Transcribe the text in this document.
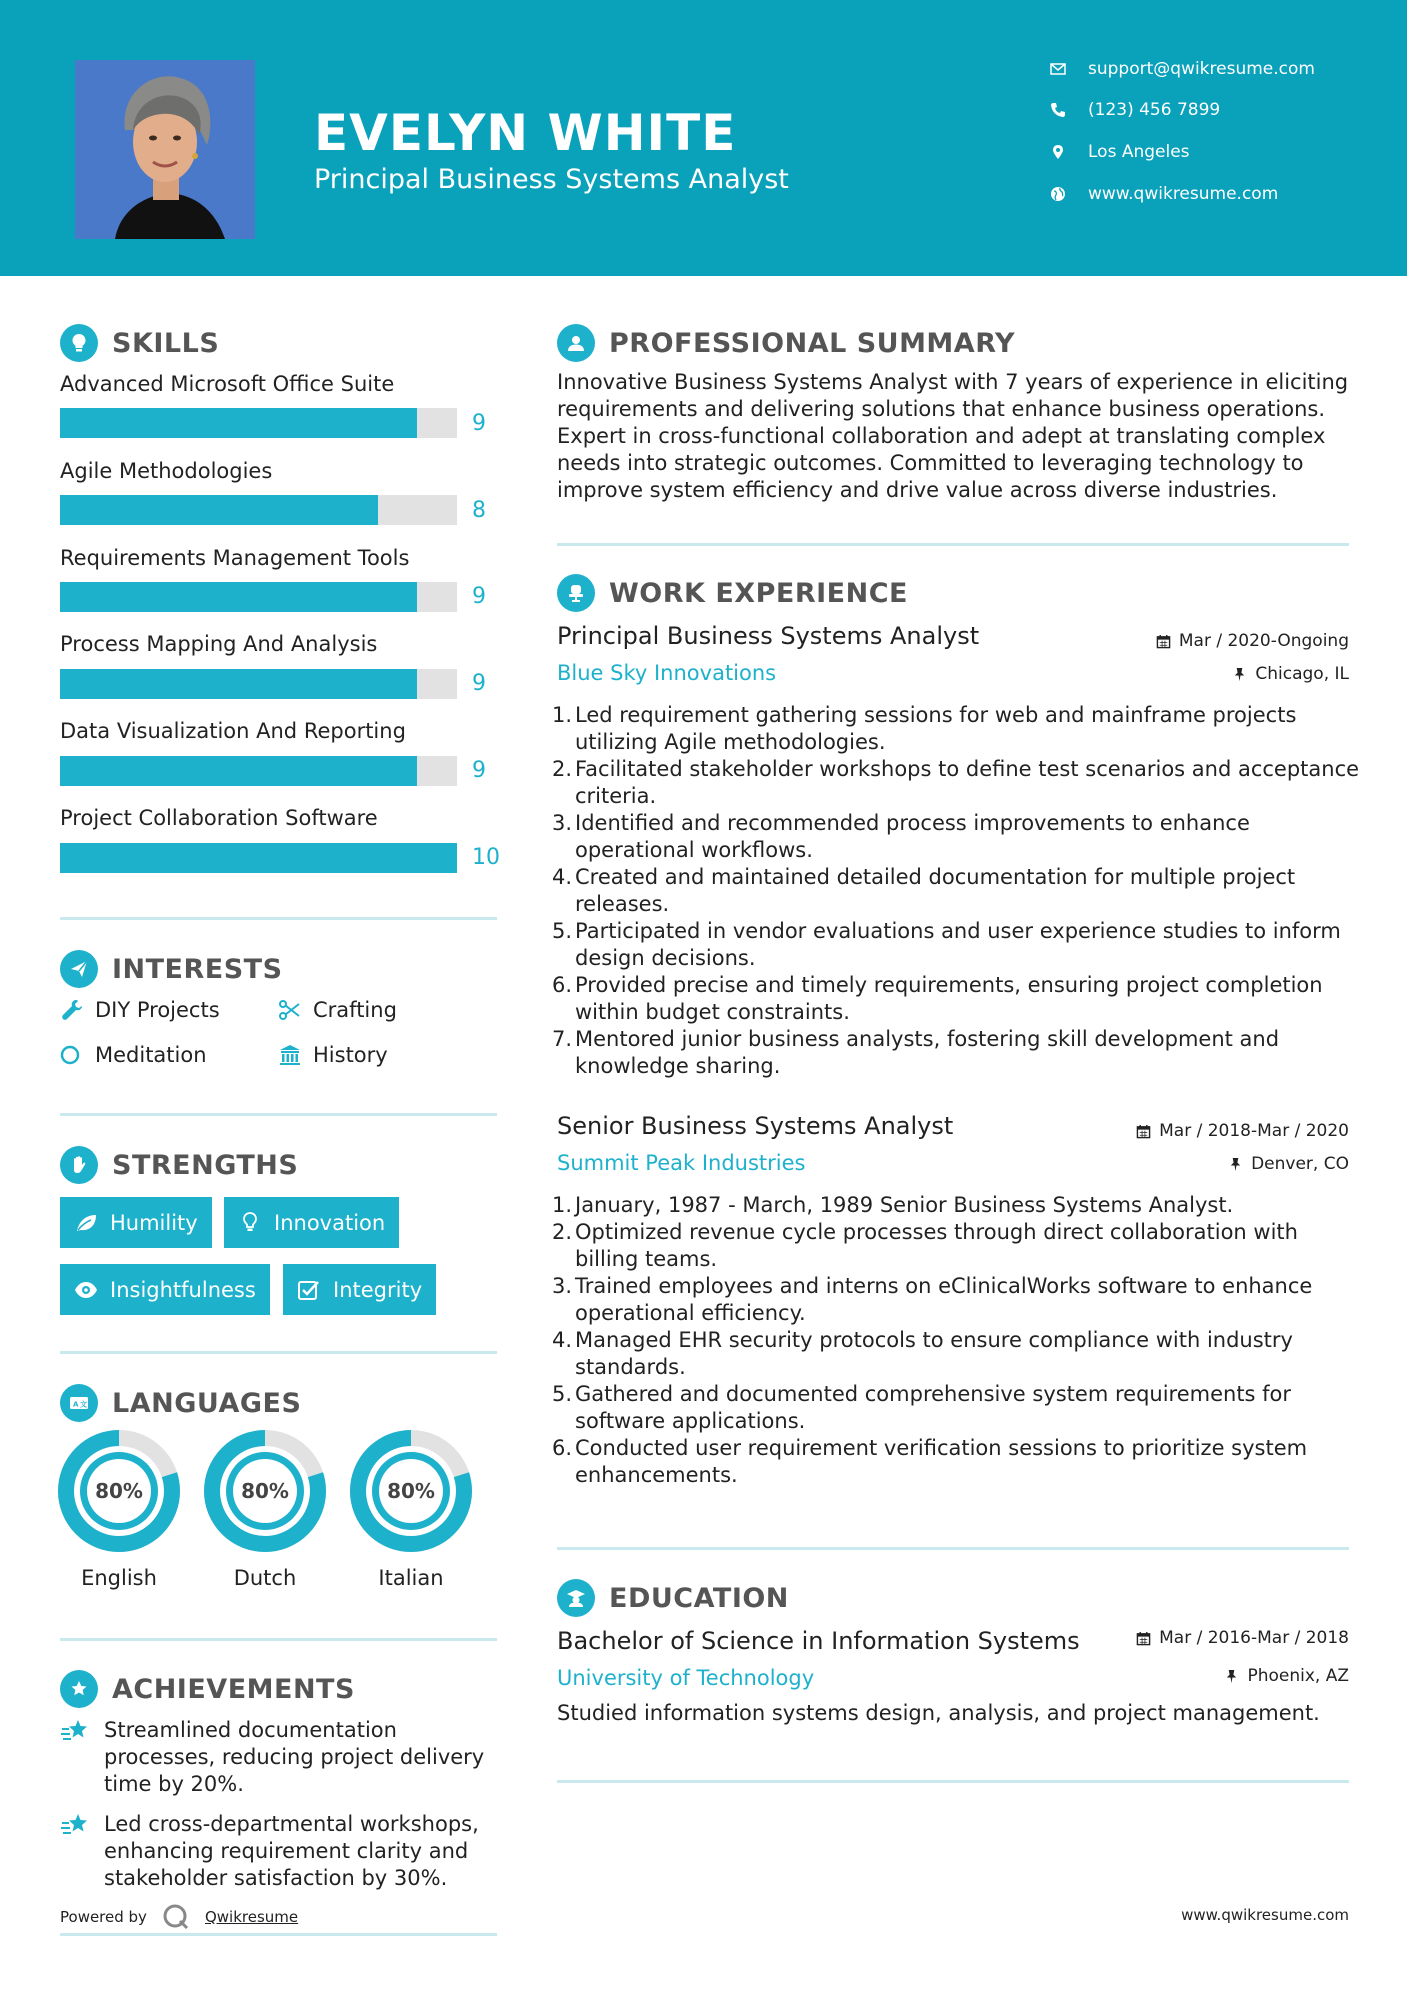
EVELYN WHITE
Principal Business Systems Analyst
support@qwikresume.com
(123) 456 7899
Los Angeles
www.qwikresume.com
SKILLS
Advanced Microsoft Office Suite
9
Agile Methodologies
8
Requirements Management Tools
9
Process Mapping And Analysis
9
Data Visualization And Reporting
9
Project Collaboration Software
10
INTERESTS
DIY Projects	Crafting
Meditation	History
STRENGTHS
Humility	Innovation
Insightfulness	Integrity
A 文 LANGUAGES
80%
English
80%
Dutch
80%
Italian
ACHIEVEMENTS
Streamlined documentation processes, reducing project delivery time by 20%.
Led cross-departmental workshops, enhancing requirement clarity and stakeholder satisfaction by 30%.
Powered by	Qwikresume
PROFESSIONAL SUMMARY
Innovative Business Systems Analyst with 7 years of experience in eliciting requirements and delivering solutions that enhance business operations. Expert in cross-functional collaboration and adept at translating complex needs into strategic outcomes. Committed to leveraging technology to improve system efficiency and drive value across diverse industries.
WORK EXPERIENCE
Principal Business Systems Analyst	Mar / 2020-Ongoing
Blue Sky Innovations	Chicago, IL
1. Led requirement gathering sessions for web and mainframe projects utilizing Agile methodologies.
2. Facilitated stakeholder workshops to define test scenarios and acceptance criteria.
3. Identified and recommended process improvements to enhance operational workflows.
4. Created and maintained detailed documentation for multiple project releases.
5. Participated in vendor evaluations and user experience studies to inform design decisions.
6. Provided precise and timely requirements, ensuring project completion within budget constraints.
7. Mentored junior business analysts, fostering skill development and knowledge sharing.
Senior Business Systems Analyst	Mar / 2018-Mar / 2020
Summit Peak Industries	Denver, CO
1. January, 1987 - March, 1989 Senior Business Systems Analyst.
2. Optimized revenue cycle processes through direct collaboration with billing teams.
3. Trained employees and interns on eClinicalWorks software to enhance operational efficiency.
4. Managed EHR security protocols to ensure compliance with industry standards.
5. Gathered and documented comprehensive system requirements for software applications.
6. Conducted user requirement verification sessions to prioritize system enhancements.
EDUCATION
Bachelor of Science in Information Systems	Mar / 2016-Mar / 2018
University of Technology	Phoenix, AZ
Studied information systems design, analysis, and project management.
www.qwikresume.com
